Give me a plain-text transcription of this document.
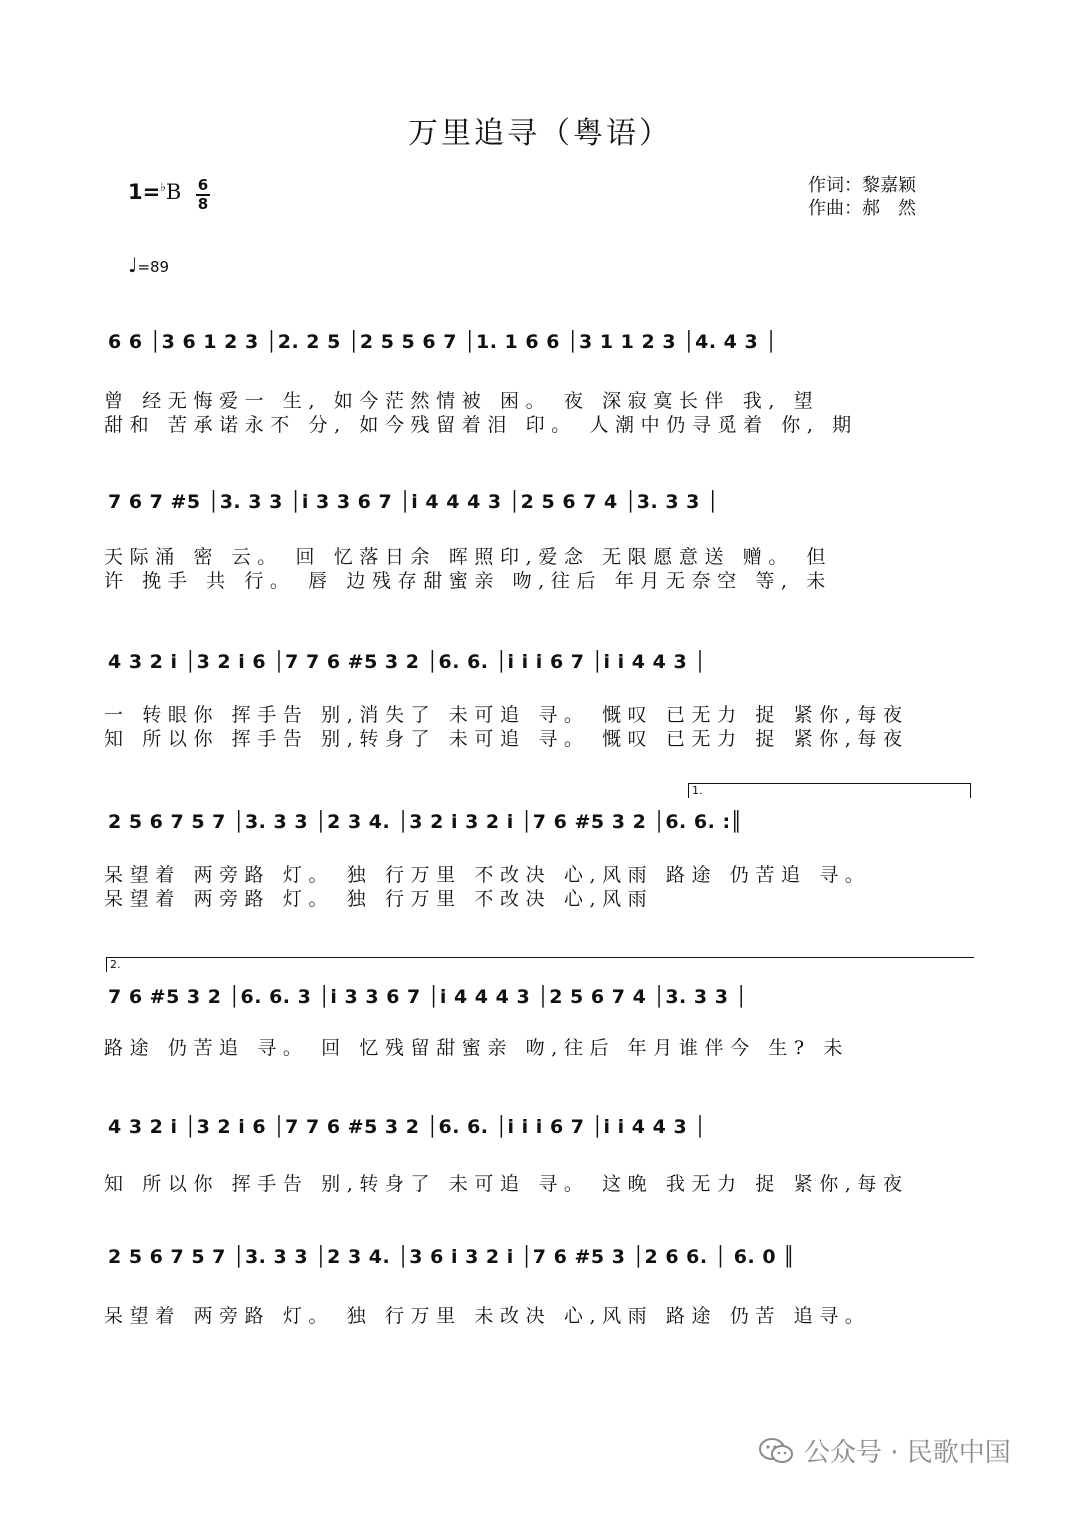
万里追寻（粤语）
1=♭B 6
8
作词：黎嘉颖
作曲：郝　然
♩=89
6 6 │3 6 1 2 3 │2. 2 5 │2 5 5 6 7 │1. 1 6 6 │3 1 1 2 3 │4. 4 3 │
曾 经无悔爱一 生, 如今茫然情被 困。 夜 深寂寞长伴 我, 望
甜和 苦承诺永不 分, 如今残留着泪 印。 人潮中仍寻觅着 你, 期
7 6 7 #5 │3. 3 3 │i 3 3 6 7 │i 4 4 4 3 │2 5 6 7 4 │3. 3 3 │
天际涌 密 云。 回 忆落日余 晖照印,爱念 无限愿意送 赠。 但
许 挽手 共 行。 唇 边残存甜蜜亲 吻,往后 年月无奈空 等, 未
4 3 2 i │3 2 i 6 │7 7 6 #5 3 2 │6. 6. │i i i 6 7 │i i 4 4 3 │
一 转眼你 挥手告 别,消失了 未可追 寻。 慨叹 已无力 捉 紧你,每夜
知 所以你 挥手告 别,转身了 未可追 寻。 慨叹 已无力 捉 紧你,每夜
1.
2 5 6 7 5 7 │3. 3 3 │2 3 4. │3 2 i 3 2 i │7 6 #5 3 2 │6. 6. :║
呆望着 两旁路 灯。 独 行万里 不改决 心,风雨 路途 仍苦追 寻。
呆望着 两旁路 灯。 独 行万里 不改决 心,风雨
2.
7 6 #5 3 2 │6. 6. 3 │i 3 3 6 7 │i 4 4 4 3 │2 5 6 7 4 │3. 3 3 │
路途 仍苦追 寻。 回 忆残留甜蜜亲 吻,往后 年月谁伴今 生? 未
4 3 2 i │3 2 i 6 │7 7 6 #5 3 2 │6. 6. │i i i 6 7 │i i 4 4 3 │
知 所以你 挥手告 别,转身了 未可追 寻。 这晚 我无力 捉 紧你,每夜
2 5 6 7 5 7 │3. 3 3 │2 3 4. │3 6 i 3 2 i │7 6 #5 3 │2 6 6. │ 6. 0 ║
呆望着 两旁路 灯。 独 行万里 未改决 心,风雨 路途 仍苦 追寻。
公众号 · 民歌中国
